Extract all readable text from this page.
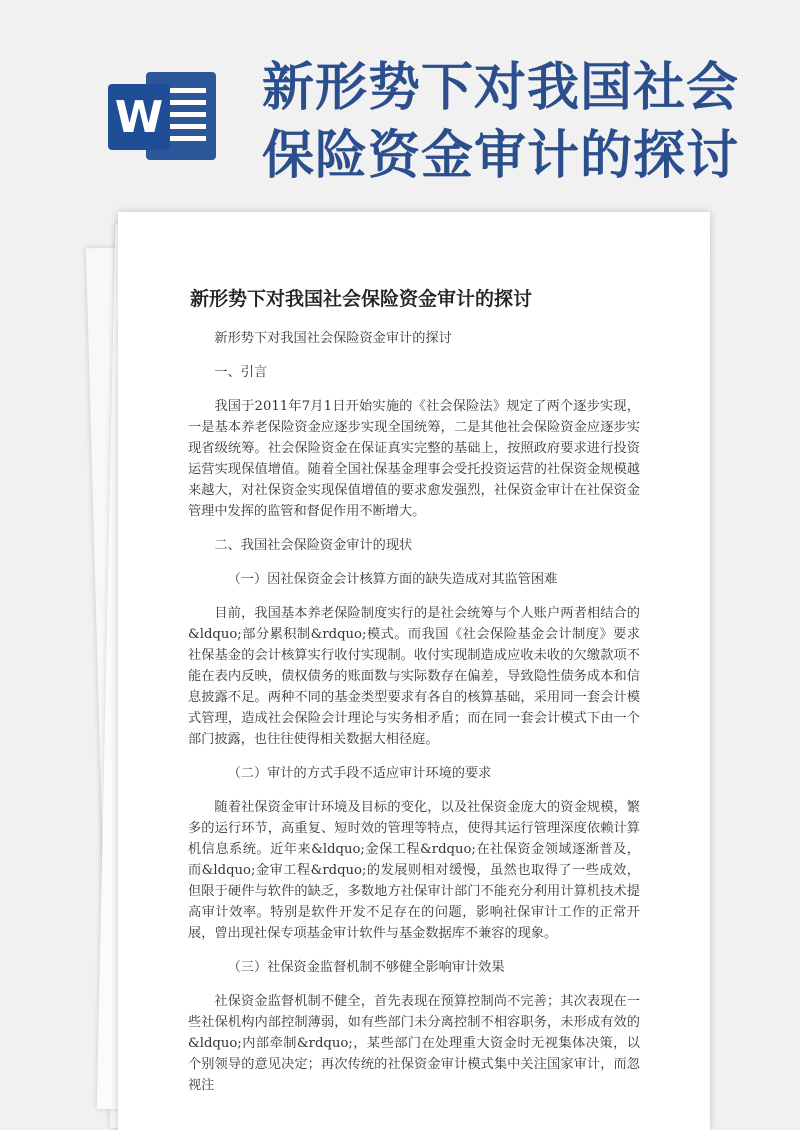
W 新形势下对我国社会保险资金审计的探讨
新形势下对我国社会保险资金审计的探讨

新形势下对我国社会保险资金审计的探讨

一、引言

我国于2011年7月1日开始实施的《社会保险法》规定了两个逐步实现，一是基本养老保险资金应逐步实现全国统筹，二是其他社会保险资金应逐步实现省级统筹。社会保险资金在保证真实完整的基础上，按照政府要求进行投资运营实现保值增值。随着全国社保基金理事会受托投资运营的社保资金规模越来越大，对社保资金实现保值增值的要求愈发强烈，社保资金审计在社保资金管理中发挥的监管和督促作用不断增大。

二、我国社会保险资金审计的现状

（一）因社保资金会计核算方面的缺失造成对其监管困难

目前，我国基本养老保险制度实行的是社会统筹与个人账户两者相结合的&ldquo;部分累积制&rdquo;模式。而我国《社会保险基金会计制度》要求社保基金的会计核算实行收付实现制。收付实现制造成应收未收的欠缴款项不能在表内反映，债权债务的账面数与实际数存在偏差，导致隐性债务成本和信息披露不足。两种不同的基金类型要求有各自的核算基础，采用同一套会计模式管理，造成社会保险会计理论与实务相矛盾；而在同一套会计模式下由一个部门披露，也往往使得相关数据大相径庭。

（二）审计的方式手段不适应审计环境的要求

随着社保资金审计环境及目标的变化，以及社保资金庞大的资金规模，繁多的运行环节，高重复、短时效的管理等特点，使得其运行管理深度依赖计算机信息系统。近年来&ldquo;金保工程&rdquo;在社保资金领域逐渐普及，而&ldquo;金审工程&rdquo;的发展则相对缓慢，虽然也取得了一些成效，但限于硬件与软件的缺乏，多数地方社保审计部门不能充分利用计算机技术提高审计效率。特别是软件开发不足存在的问题，影响社保审计工作的正常开展，曾出现社保专项基金审计软件与基金数据库不兼容的现象。

（三）社保资金监督机制不够健全影响审计效果

社保资金监督机制不健全，首先表现在预算控制尚不完善；其次表现在一些社保机构内部控制薄弱，如有些部门未分离控制不相容职务，未形成有效的&ldquo;内部牵制&rdquo;，某些部门在处理重大资金时无视集体决策，以个别领导的意见决定；再次传统的社保资金审计模式集中关注国家审计，而忽视注
